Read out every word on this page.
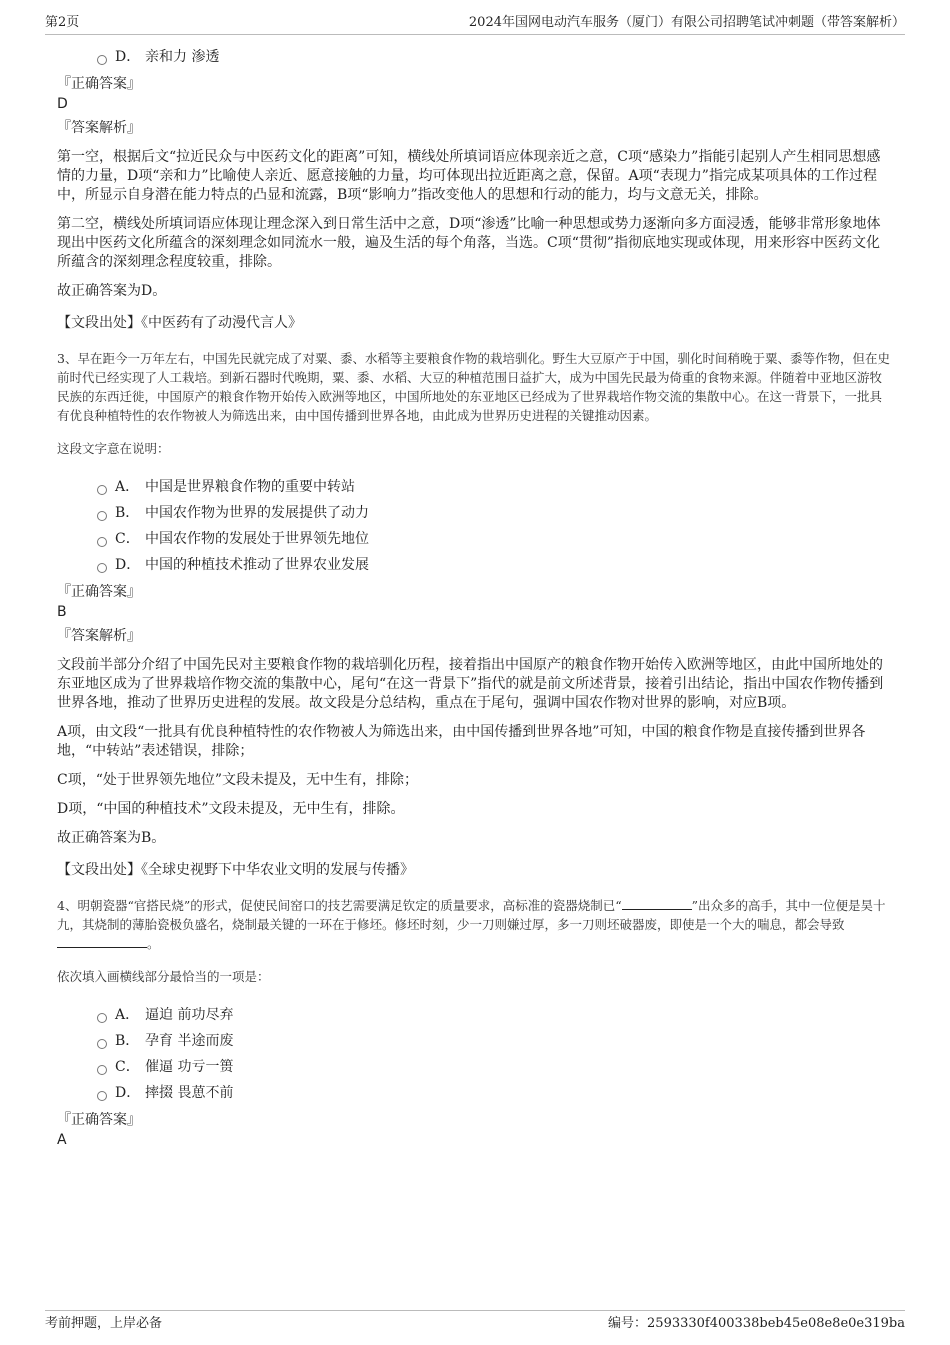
第2页	2024年国网电动汽车服务（厦门）有限公司招聘笔试冲刺题（带答案解析）
D． 亲和力 渗透
『正确答案』
D
『答案解析』
第一空，根据后文“拉近民众与中医药文化的距离”可知，横线处所填词语应体现亲近之意，C项“感染力”指能引起别人产生相同思想感情的力量，D项“亲和力”比喻使人亲近、愿意接触的力量，均可体现出拉近距离之意，保留。A项“表现力”指完成某项具体的工作过程中，所显示自身潜在能力特点的凸显和流露，B项“影响力”指改变他人的思想和行动的能力，均与文意无关，排除。
第二空，横线处所填词语应体现让理念深入到日常生活中之意，D项“渗透”比喻一种思想或势力逐渐向多方面浸透，能够非常形象地体现出中医药文化所蕴含的深刻理念如同流水一般，遍及生活的每个角落，当选。C项“贯彻”指彻底地实现或体现，用来形容中医药文化所蕴含的深刻理念程度较重，排除。
故正确答案为D。
【文段出处】《中医药有了动漫代言人》
3、早在距今一万年左右，中国先民就完成了对粟、黍、水稻等主要粮食作物的栽培驯化。野生大豆原产于中国，驯化时间稍晚于粟、黍等作物，但在史前时代已经实现了人工栽培。到新石器时代晚期，粟、黍、水稻、大豆的种植范围日益扩大，成为中国先民最为倚重的食物来源。伴随着中亚地区游牧民族的东西迁徙，中国原产的粮食作物开始传入欧洲等地区，中国所地处的东亚地区已经成为了世界栽培作物交流的集散中心。在这一背景下，一批具有优良种植特性的农作物被人为筛选出来，由中国传播到世界各地，由此成为世界历史进程的关键推动因素。
这段文字意在说明：
A． 中国是世界粮食作物的重要中转站
B． 中国农作物为世界的发展提供了动力
C． 中国农作物的发展处于世界领先地位
D． 中国的种植技术推动了世界农业发展
『正确答案』
B
『答案解析』
文段前半部分介绍了中国先民对主要粮食作物的栽培驯化历程，接着指出中国原产的粮食作物开始传入欧洲等地区，由此中国所地处的东亚地区成为了世界栽培作物交流的集散中心，尾句“在这一背景下”指代的就是前文所述背景，接着引出结论，指出中国农作物传播到世界各地，推动了世界历史进程的发展。故文段是分总结构，重点在于尾句，强调中国农作物对世界的影响，对应B项。
A项，由文段“一批具有优良种植特性的农作物被人为筛选出来，由中国传播到世界各地”可知，中国的粮食作物是直接传播到世界各地，“中转站”表述错误，排除；
C项，“处于世界领先地位”文段未提及，无中生有，排除；
D项，“中国的种植技术”文段未提及，无中生有，排除。
故正确答案为B。
【文段出处】《全球史视野下中华农业文明的发展与传播》
4、明朝瓷器“官搭民烧”的形式，促使民间窑口的技艺需要满足钦定的质量要求，高标准的瓷器烧制已“	”出众多的高手，其中一位便是昊十九，其烧制的薄胎瓷极负盛名，烧制最关键的一环在于修坯。修坯时刻，少一刀则嫌过厚，多一刀则坯破器废，即使是一个大的喘息，都会导致。
依次填入画横线部分最恰当的一项是：
A． 逼迫 前功尽弃
B． 孕育 半途而废
C． 催逼 功亏一篑
D． 摔掇 畏葸不前
『正确答案』
A
考前押题，上岸必备	编号：2593330f400338beb45e08e8e0e319ba
